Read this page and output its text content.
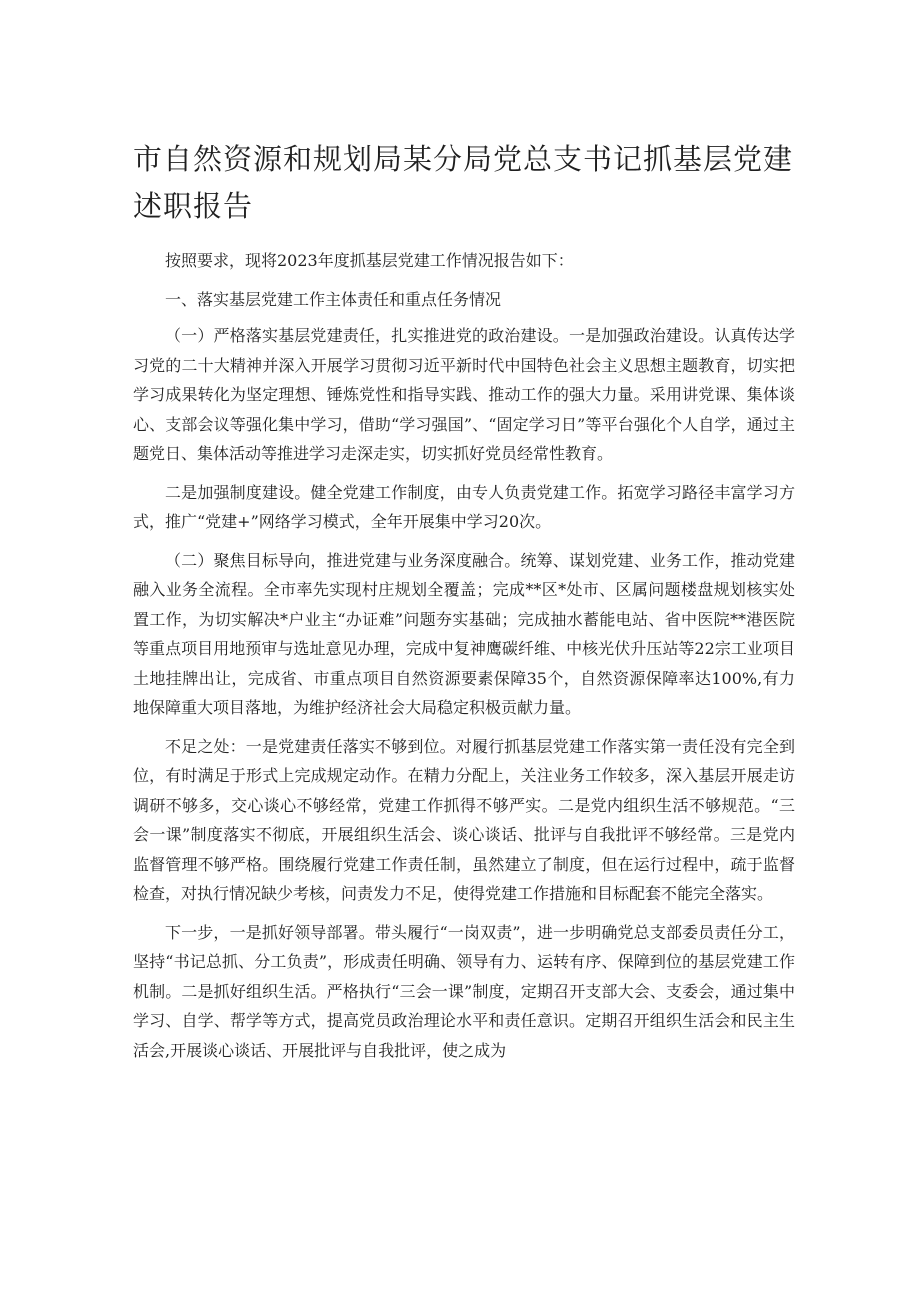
市自然资源和规划局某分局党总支书记抓基层党建述职报告

按照要求，现将2023年度抓基层党建工作情况报告如下：

一、落实基层党建工作主体责任和重点任务情况

（一）严格落实基层党建责任，扎实推进党的政治建设。一是加强政治建设。认真传达学习党的二十大精神并深入开展学习贯彻习近平新时代中国特色社会主义思想主题教育，切实把学习成果转化为坚定理想、锤炼党性和指导实践、推动工作的强大力量。采用讲党课、集体谈心、支部会议等强化集中学习，借助“学习强国”、“固定学习日”等平台强化个人自学，通过主题党日、集体活动等推进学习走深走实，切实抓好党员经常性教育。

二是加强制度建设。健全党建工作制度，由专人负责党建工作。拓宽学习路径丰富学习方式，推广“党建+”网络学习模式，全年开展集中学习20次。

（二）聚焦目标导向，推进党建与业务深度融合。统筹、谋划党建、业务工作，推动党建融入业务全流程。全市率先实现村庄规划全覆盖；完成**区*处市、区属问题楼盘规划核实处置工作，为切实解决*户业主“办证难”问题夯实基础；完成抽水蓄能电站、省中医院**港医院等重点项目用地预审与选址意见办理，完成中复神鹰碳纤维、中核光伏升压站等22宗工业项目土地挂牌出让，完成省、市重点项目自然资源要素保障35个，自然资源保障率达100%,有力地保障重大项目落地，为维护经济社会大局稳定积极贡献力量。

不足之处：一是党建责任落实不够到位。对履行抓基层党建工作落实第一责任没有完全到位，有时满足于形式上完成规定动作。在精力分配上，关注业务工作较多，深入基层开展走访调研不够多，交心谈心不够经常，党建工作抓得不够严实。二是党内组织生活不够规范。“三会一课”制度落实不彻底，开展组织生活会、谈心谈话、批评与自我批评不够经常。三是党内监督管理不够严格。围绕履行党建工作责任制，虽然建立了制度，但在运行过程中，疏于监督检查，对执行情况缺少考核，问责发力不足，使得党建工作措施和目标配套不能完全落实。

下一步，一是抓好领导部署。带头履行“一岗双责”，进一步明确党总支部委员责任分工，坚持“书记总抓、分工负责”，形成责任明确、领导有力、运转有序、保障到位的基层党建工作机制。二是抓好组织生活。严格执行“三会一课”制度，定期召开支部大会、支委会，通过集中学习、自学、帮学等方式，提高党员政治理论水平和责任意识。定期召开组织生活会和民主生活会,开展谈心谈话、开展批评与自我批评，使之成为
